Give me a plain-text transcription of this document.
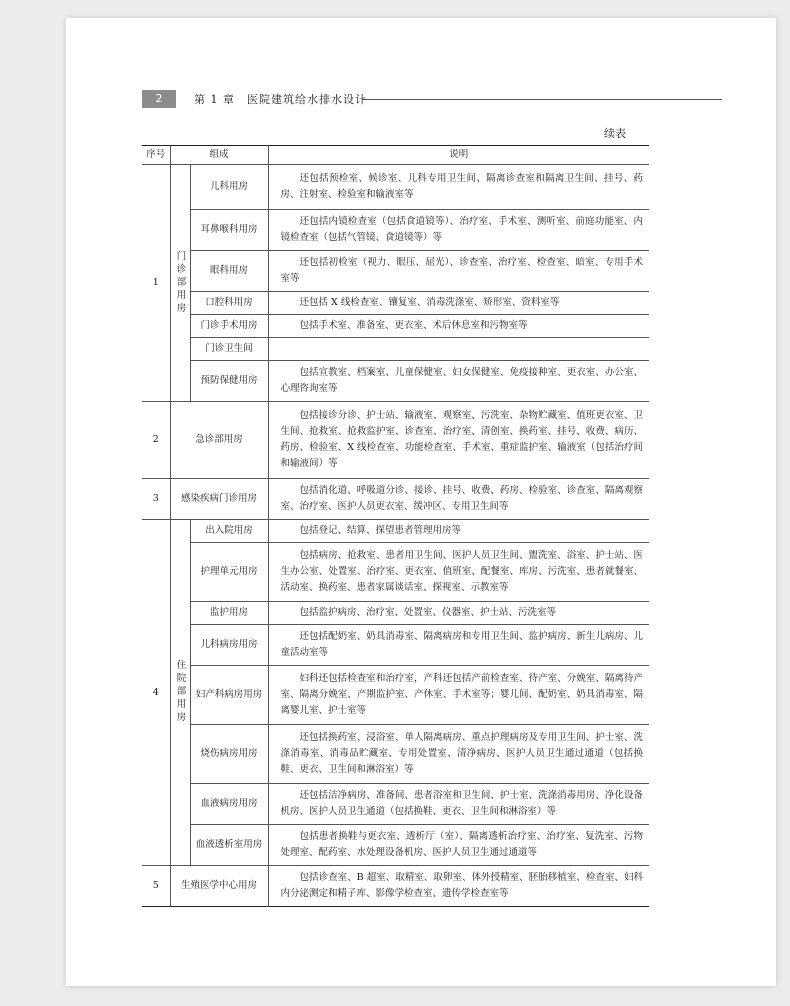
2	第 1 章　医院建筑给水排水设计
续表
序号	组成		说明
1	门诊部用房	儿科用房	还包括预检室、候诊室、儿科专用卫生间、隔离诊查室和隔离卫生间、挂号、药房、注射室、检验室和输液室等

		耳鼻喉科用房	还包括内镜检查室（包括食道镜等）、治疗室、手术室、测听室、前庭功能室、内镜检查室（包括气管镜、食道镜等）等

		眼科用房	还包括初检室（视力、眼压、屈光）、诊查室、治疗室、检查室、暗室、专用手术室等

		口腔科用房	还包括 X 线检查室、镶复室、消毒洗涤室、矫形室、资料室等

		门诊手术用房	包括手术室、准备室、更衣室、术后休息室和污物室等

		门诊卫生间	

		预防保健用房	包括宣教室、档案室、儿童保健室、妇女保健室、免疫接种室、更衣室、办公室、心理咨询室等

2	急诊部用房		包括接诊分诊、护士站、输液室、观察室、污洗室、杂物贮藏室、值班更衣室、卫生间、抢救室、抢救监护室、诊查室、治疗室、清创室、换药室、挂号、收费、病历、药房、检验室、X 线检查室、功能检查室、手术室、重症监护室、输液室（包括治疗间和输液间）等

3	感染疾病门诊用房		包括消化道、呼吸道分诊、接诊、挂号、收费、药房、检验室、诊查室、隔离观察室、治疗室、医护人员更衣室、缓冲区、专用卫生间等

4	住院部用房	出入院用房	包括登记、结算、探望患者管理用房等

		护理单元用房	包括病房、抢救室、患者用卫生间、医护人员卫生间、盥洗室、浴室、护士站、医生办公室、处置室、治疗室、更衣室、值班室、配餐室、库房、污洗室、患者就餐室、活动室、换药室、患者家属谈话室、探视室、示教室等

		监护用房	包括监护病房、治疗室、处置室、仪器室、护士站、污洗室等

		儿科病房用房	还包括配奶室、奶具消毒室、隔离病房和专用卫生间、监护病房、新生儿病房、儿童活动室等

		妇产科病房用房	妇科还包括检查室和治疗室，产科还包括产前检查室、待产室、分娩室、隔离待产室、隔离分娩室、产期监护室、产休室、手术室等；婴儿间、配奶室、奶具消毒室、隔离婴儿室、护士室等

		烧伤病房用房	还包括换药室、浸浴室、单人隔离病房、重点护理病房及专用卫生间、护士室、洗涤消毒室、消毒品贮藏室、专用处置室、清净病房、医护人员卫生通过通道（包括换鞋、更衣、卫生间和淋浴室）等

		血液病房用房	还包括洁净病房、准备间、患者浴室和卫生间、护士室、洗涤消毒用房、净化设备机房、医护人员卫生通道（包括换鞋、更衣、卫生间和淋浴室）等

		血液透析室用房	包括患者换鞋与更衣室、透析厅（室）、隔离透析治疗室、治疗室、复洗室、污物处理室、配药室、水处理设备机房、医护人员卫生通过通道等

5	生殖医学中心用房		包括诊查室、B 超室、取精室、取卵室、体外授精室、胚胎移植室、检查室、妇科内分泌测定和精子库、影像学检查室、遗传学检查室等
